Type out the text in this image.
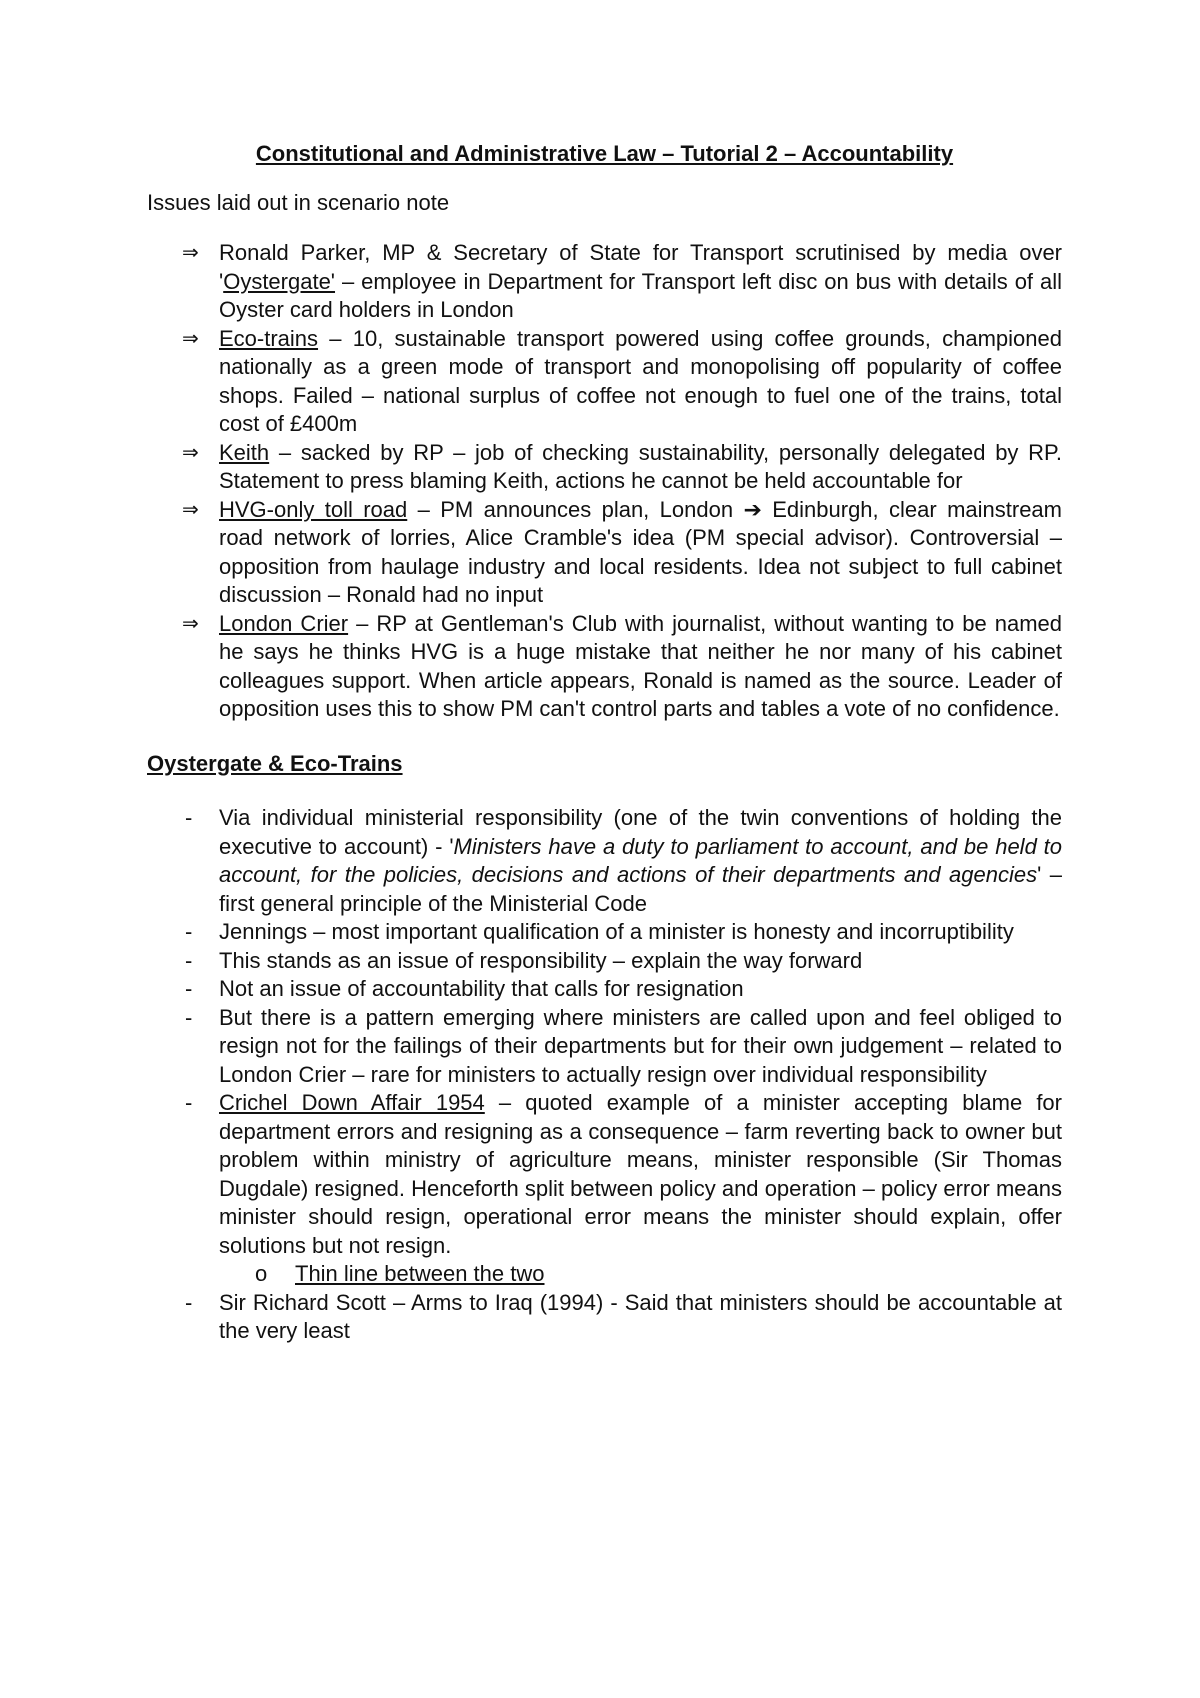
Constitutional and Administrative Law – Tutorial 2 – Accountability
Issues laid out in scenario note
⇒ Ronald Parker, MP & Secretary of State for Transport scrutinised by media over 'Oystergate' – employee in Department for Transport left disc on bus with details of all Oyster card holders in London
⇒ Eco-trains – 10, sustainable transport powered using coffee grounds, championed nationally as a green mode of transport and monopolising off popularity of coffee shops. Failed – national surplus of coffee not enough to fuel one of the trains, total cost of £400m
⇒ Keith – sacked by RP – job of checking sustainability, personally delegated by RP. Statement to press blaming Keith, actions he cannot be held accountable for
⇒ HVG-only toll road – PM announces plan, London ➔ Edinburgh, clear mainstream road network of lorries, Alice Cramble's idea (PM special advisor). Controversial – opposition from haulage industry and local residents. Idea not subject to full cabinet discussion – Ronald had no input
⇒ London Crier – RP at Gentleman's Club with journalist, without wanting to be named he says he thinks HVG is a huge mistake that neither he nor many of his cabinet colleagues support. When article appears, Ronald is named as the source. Leader of opposition uses this to show PM can't control parts and tables a vote of no confidence.
Oystergate & Eco-Trains
- Via individual ministerial responsibility (one of the twin conventions of holding the executive to account) - 'Ministers have a duty to parliament to account, and be held to account, for the policies, decisions and actions of their departments and agencies' – first general principle of the Ministerial Code
- Jennings – most important qualification of a minister is honesty and incorruptibility
- This stands as an issue of responsibility – explain the way forward
- Not an issue of accountability that calls for resignation
- But there is a pattern emerging where ministers are called upon and feel obliged to resign not for the failings of their departments but for their own judgement – related to London Crier – rare for ministers to actually resign over individual responsibility
- Crichel Down Affair 1954 – quoted example of a minister accepting blame for department errors and resigning as a consequence – farm reverting back to owner but problem within ministry of agriculture means, minister responsible (Sir Thomas Dugdale) resigned. Henceforth split between policy and operation – policy error means minister should resign, operational error means the minister should explain, offer solutions but not resign.
o Thin line between the two
- Sir Richard Scott – Arms to Iraq (1994) - Said that ministers should be accountable at the very least
